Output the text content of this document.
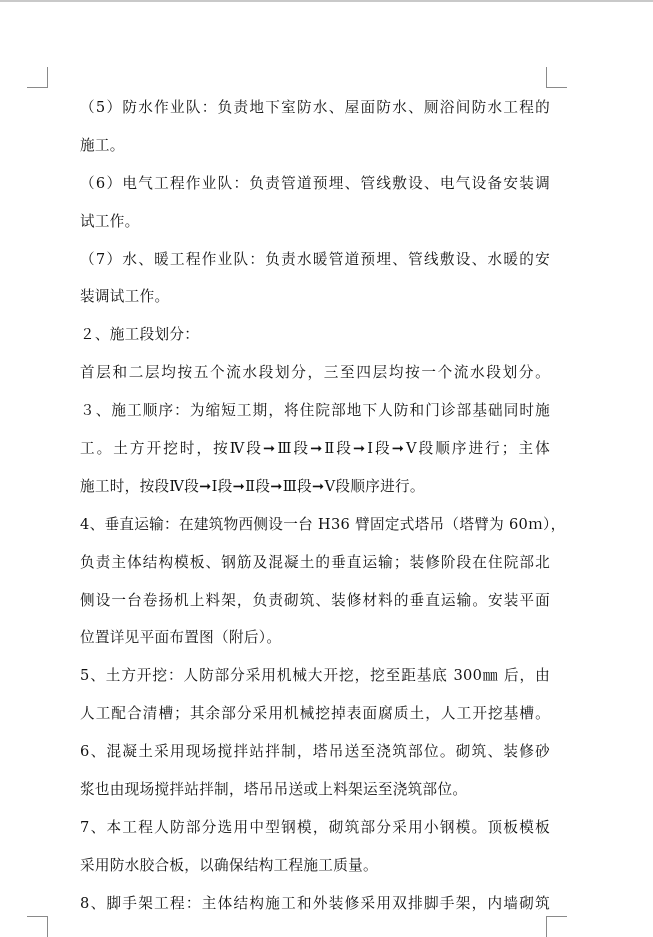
（5）防水作业队：负责地下室防水、屋面防水、厕浴间防水工程的
施工。
（6）电气工程作业队：负责管道预埋、管线敷设、电气设备安装调
试工作。
（7）水、暖工程作业队：负责水暖管道预埋、管线敷设、水暖的安
装调试工作。
２、施工段划分：
首层和二层均按五个流水段划分，三至四层均按一个流水段划分。
３、施工顺序：为缩短工期，将住院部地下人防和门诊部基础同时施
工。土方开挖时，按Ⅳ段➞Ⅲ段➞Ⅱ段➞Ⅰ段➞Ⅴ段顺序进行；主体
施工时，按段Ⅳ段➞Ⅰ段➞Ⅱ段➞Ⅲ段➞Ⅴ段顺序进行。
4、垂直运输：在建筑物西侧设一台 H36 臂固定式塔吊（塔臂为 60ｍ），
负责主体结构模板、钢筋及混凝土的垂直运输；装修阶段在住院部北
侧设一台卷扬机上料架，负责砌筑、装修材料的垂直运输。安装平面
位置详见平面布置图（附后）。
5、土方开挖：人防部分采用机械大开挖，挖至距基底 300㎜ 后，由
人工配合清槽；其余部分采用机械挖掉表面腐质土，人工开挖基槽。
6、混凝土采用现场搅拌站拌制，塔吊送至浇筑部位。砌筑、装修砂
浆也由现场搅拌站拌制，塔吊吊送或上料架运至浇筑部位。
7、本工程人防部分选用中型钢模，砌筑部分采用小钢模。顶板模板
采用防水胶合板，以确保结构工程施工质量。
8、脚手架工程：主体结构施工和外装修采用双排脚手架，内墙砌筑
